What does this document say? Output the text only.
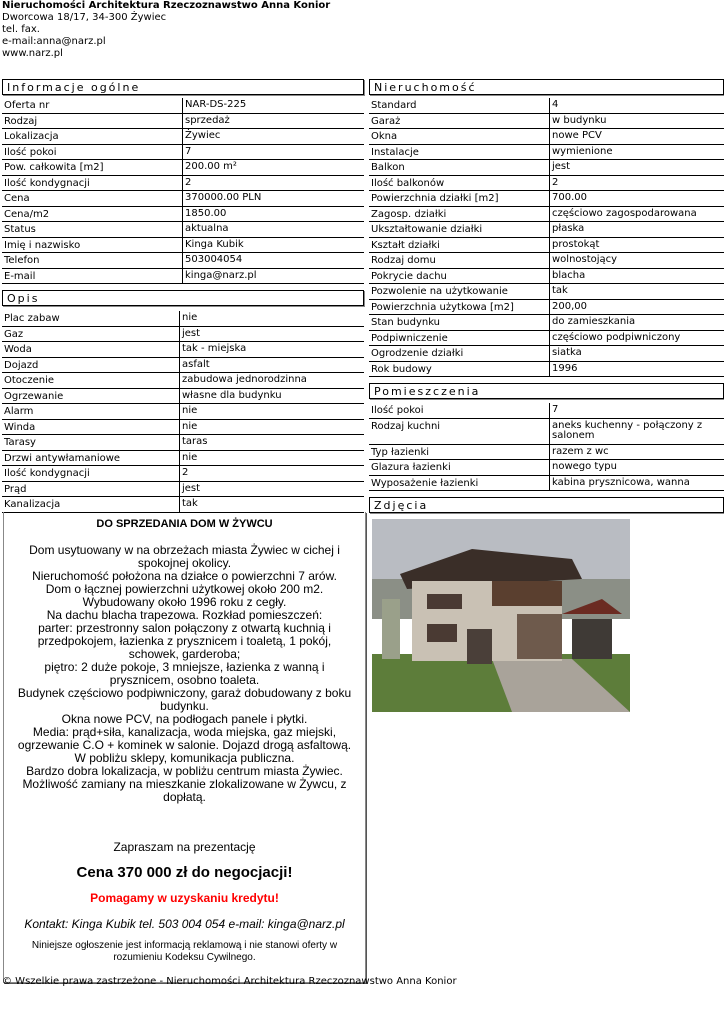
Nieruchomości Architektura Rzeczoznawstwo Anna Konior
Dworcowa 18/17, 34-300 Żywiec
tel. fax.
e-mail:anna@narz.pl
www.narz.pl
Informacje ogólne
Oferta nr	NAR-DS-225
Rodzaj	sprzedaż
Lokalizacja	Żywiec
Ilość pokoi	7
Pow. całkowita [m2]	200.00 m²
Ilość kondygnacji	2
Cena	370000.00 PLN
Cena/m2	1850.00
Status	aktualna
Imię i nazwisko	Kinga Kubik
Telefon	503004054
E-mail	kinga@narz.pl
Opis
Plac zabaw	nie
Gaz	jest
Woda	tak - miejska
Dojazd	asfalt
Otoczenie	zabudowa jednorodzinna
Ogrzewanie	własne dla budynku
Alarm	nie
Winda	nie
Tarasy	taras
Drzwi antywłamaniowe	nie
Ilość kondygnacji	2
Prąd	jest
Kanalizacja	tak
Nieruchomość
Standard	4
Garaż	w budynku
Okna	nowe PCV
Instalacje	wymienione
Balkon	jest
Ilość balkonów	2
Powierzchnia działki [m2]	700.00
Zagosp. działki	częściowo zagospodarowana
Ukształtowanie działki	płaska
Kształt działki	prostokąt
Rodzaj domu	wolnostojący
Pokrycie dachu	blacha
Pozwolenie na użytkowanie	tak
Powierzchnia użytkowa [m2]	200,00
Stan budynku	do zamieszkania
Podpiwniczenie	częściowo podpiwniczony
Ogrodzenie działki	siatka
Rok budowy	1996
Pomieszczenia
Ilość pokoi	7
Rodzaj kuchni	aneks kuchenny - połączony z salonem
Typ łazienki	razem z wc
Glazura łazienki	nowego typu
Wyposażenie łazienki	kabina prysznicowa, wanna
Zdjęcia
DO SPRZEDANIA DOM W ŻYWCU
Dom usytuowany w na obrzeżach miasta Żywiec w cichej i spokojnej okolicy.
Nieruchomość położona na działce o powierzchni 7 arów.
Dom o łącznej powierzchni użytkowej około 200 m2. Wybudowany około 1996 roku z cegły.
Na dachu blacha trapezowa. Rozkład pomieszczeń:
parter: przestronny salon połączony z otwartą kuchnią i przedpokojem, łazienka z prysznicem i toaletą, 1 pokój, schowek, garderoba;
piętro: 2 duże pokoje, 3 mniejsze, łazienka z wanną i prysznicem, osobno toaleta.
Budynek częściowo podpiwniczony, garaż dobudowany z boku budynku.
Okna nowe PCV, na podłogach panele i płytki.
Media: prąd+siła, kanalizacja, woda miejska, gaz miejski, ogrzewanie C.O + kominek w salonie. Dojazd drogą asfaltową.
W pobliżu sklepy, komunikacja publiczna.
Bardzo dobra lokalizacja, w pobliżu centrum miasta Żywiec.
Możliwość zamiany na mieszkanie zlokalizowane w Żywcu, z dopłatą.
Zapraszam na prezentację
Cena 370 000 zł do negocjacji!
Pomagamy w uzyskaniu kredytu!
Kontakt: Kinga Kubik tel. 503 004 054 e-mail: kinga@narz.pl
Niniejsze ogłoszenie jest informacją reklamową i nie stanowi oferty w rozumieniu Kodeksu Cywilnego.
© Wszelkie prawa zastrzeżone - Nieruchomości Architektura Rzeczoznawstwo Anna Konior
